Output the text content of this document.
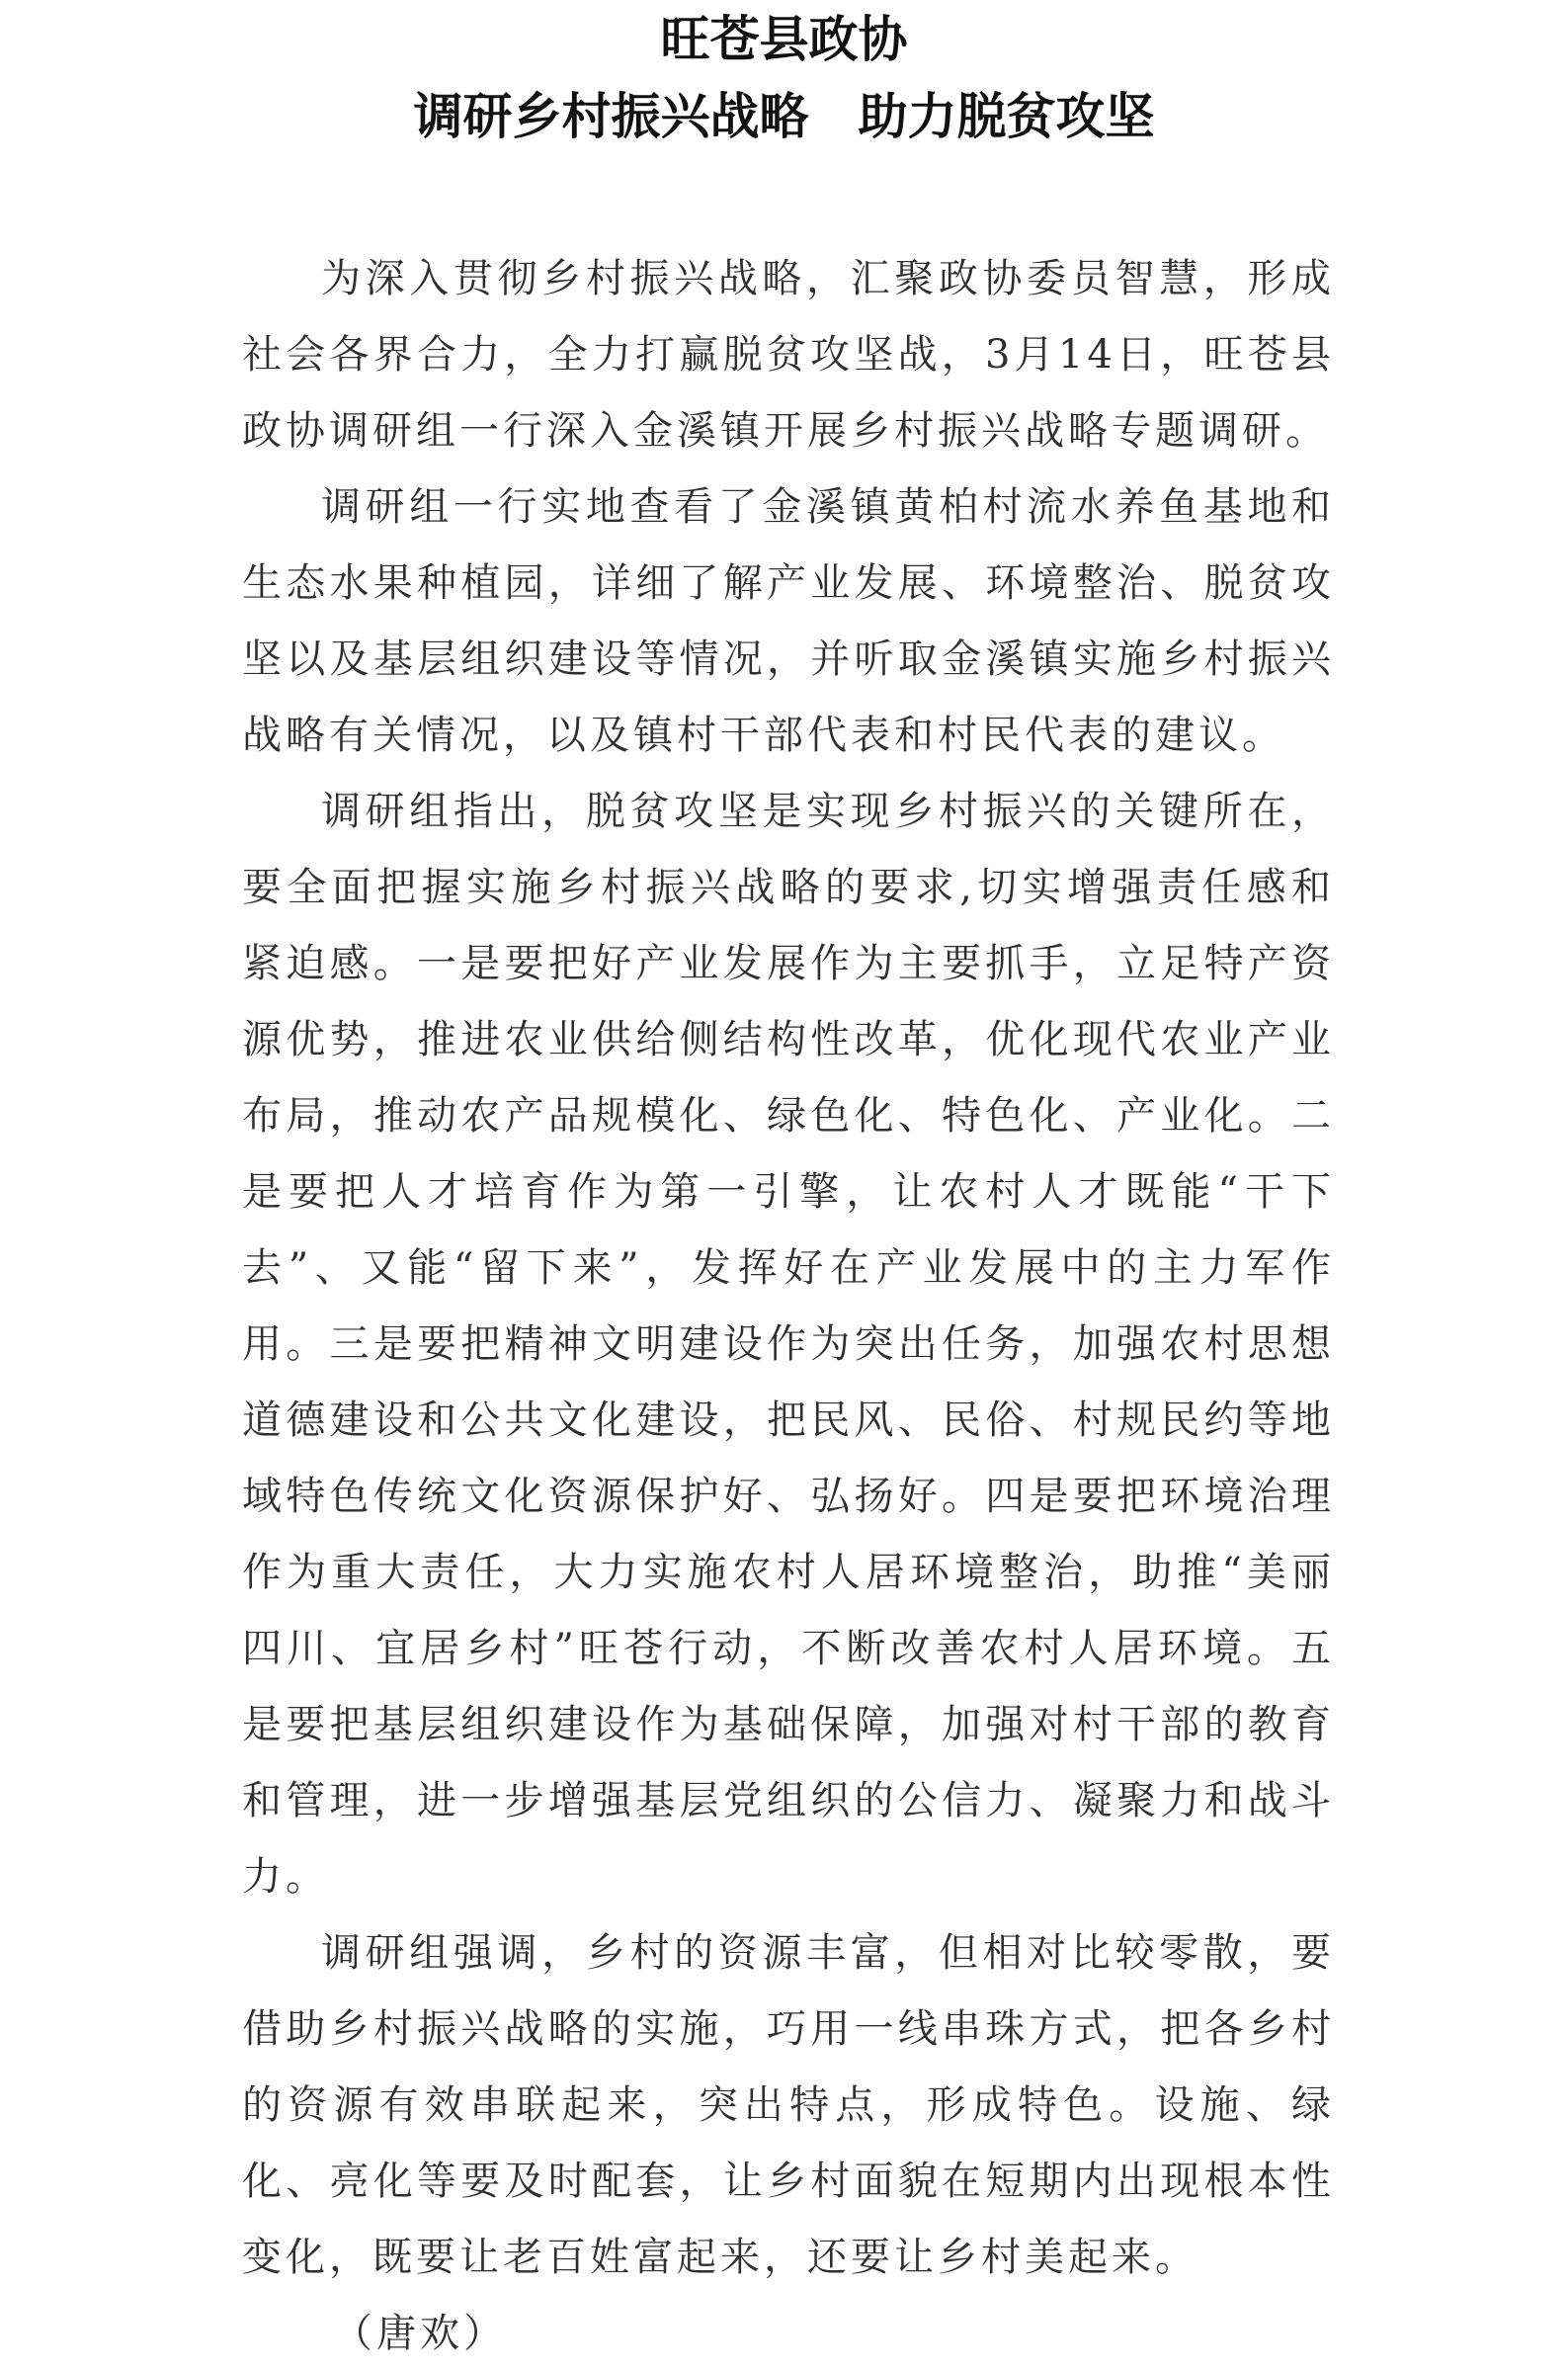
旺苍县政协
调研乡村振兴战略　助力脱贫攻坚

为深入贯彻乡村振兴战略，汇聚政协委员智慧，形成社会各界合力，全力打赢脱贫攻坚战，3月14日，旺苍县政协调研组一行深入金溪镇开展乡村振兴战略专题调研。

调研组一行实地查看了金溪镇黄柏村流水养鱼基地和生态水果种植园，详细了解产业发展、环境整治、脱贫攻坚以及基层组织建设等情况，并听取金溪镇实施乡村振兴战略有关情况，以及镇村干部代表和村民代表的建议。

调研组指出，脱贫攻坚是实现乡村振兴的关键所在，要全面把握实施乡村振兴战略的要求,切实增强责任感和紧迫感。一是要把好产业发展作为主要抓手，立足特产资源优势，推进农业供给侧结构性改革，优化现代农业产业布局，推动农产品规模化、绿色化、特色化、产业化。二是要把人才培育作为第一引擎，让农村人才既能“干下去”、又能“留下来”，发挥好在产业发展中的主力军作用。三是要把精神文明建设作为突出任务，加强农村思想道德建设和公共文化建设，把民风、民俗、村规民约等地域特色传统文化资源保护好、弘扬好。四是要把环境治理作为重大责任，大力实施农村人居环境整治，助推“美丽四川、宜居乡村”旺苍行动，不断改善农村人居环境。五是要把基层组织建设作为基础保障，加强对村干部的教育和管理，进一步增强基层党组织的公信力、凝聚力和战斗力。

调研组强调，乡村的资源丰富，但相对比较零散，要借助乡村振兴战略的实施，巧用一线串珠方式，把各乡村的资源有效串联起来，突出特点，形成特色。设施、绿化、亮化等要及时配套，让乡村面貌在短期内出现根本性变化，既要让老百姓富起来，还要让乡村美起来。

（唐欢）
